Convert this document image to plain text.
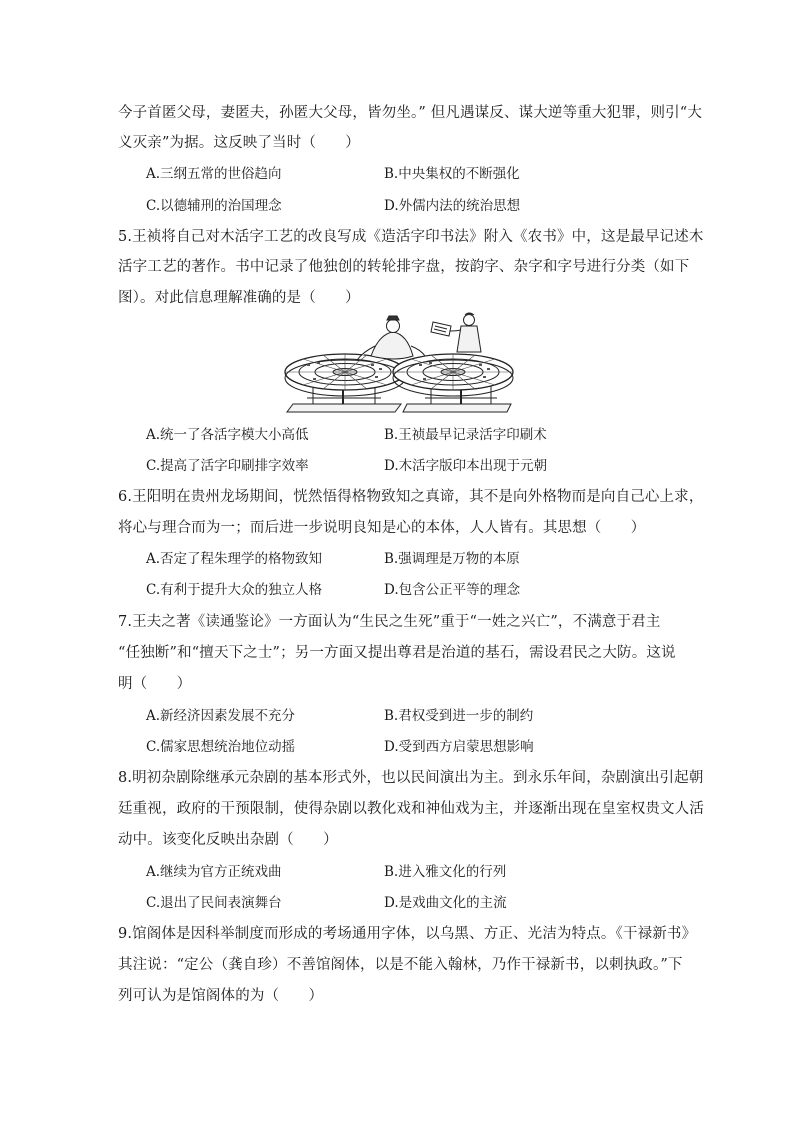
今子首匿父母，妻匿夫，孙匿大父母，皆勿坐。” 但凡遇谋反、谋大逆等重大犯罪，则引“大
义灭亲”为据。这反映了当时（　　）
A.三纲五常的世俗趋向	B.中央集权的不断强化
C.以德辅刑的治国理念	D.外儒内法的统治思想
5.王祯将自己对木活字工艺的改良写成《造活字印书法》附入《农书》中，这是最早记述木
活字工艺的著作。书中记录了他独创的转轮排字盘，按韵字、杂字和字号进行分类（如下
图）。对此信息理解准确的是（　　）
A.统一了各活字模大小高低	B.王祯最早记录活字印刷术
C.提高了活字印刷排字效率	D.木活字版印本出现于元朝
6.王阳明在贵州龙场期间，恍然悟得格物致知之真谛，其不是向外格物而是向自己心上求，
将心与理合而为一；而后进一步说明良知是心的本体，人人皆有。其思想（　　）
A.否定了程朱理学的格物致知	B.强调理是万物的本原
C.有利于提升大众的独立人格	D.包含公正平等的理念
7.王夫之著《读通鉴论》一方面认为“生民之生死”重于“一姓之兴亡”，不满意于君主
“任独断”和“擅天下之士”；另一方面又提出尊君是治道的基石，需设君民之大防。这说
明（　　）
A.新经济因素发展不充分	B.君权受到进一步的制约
C.儒家思想统治地位动摇	D.受到西方启蒙思想影响
8.明初杂剧除继承元杂剧的基本形式外，也以民间演出为主。到永乐年间，杂剧演出引起朝
廷重视，政府的干预限制，使得杂剧以教化戏和神仙戏为主，并逐渐出现在皇室权贵文人活
动中。该变化反映出杂剧（　　）
A.继续为官方正统戏曲	B.进入雅文化的行列
C.退出了民间表演舞台	D.是戏曲文化的主流
9.馆阁体是因科举制度而形成的考场通用字体，以乌黑、方正、光洁为特点。《干禄新书》
其注说：“定公（龚自珍）不善馆阁体，以是不能入翰林，乃作干禄新书，以刺执政。”下
列可认为是馆阁体的为（　　）
